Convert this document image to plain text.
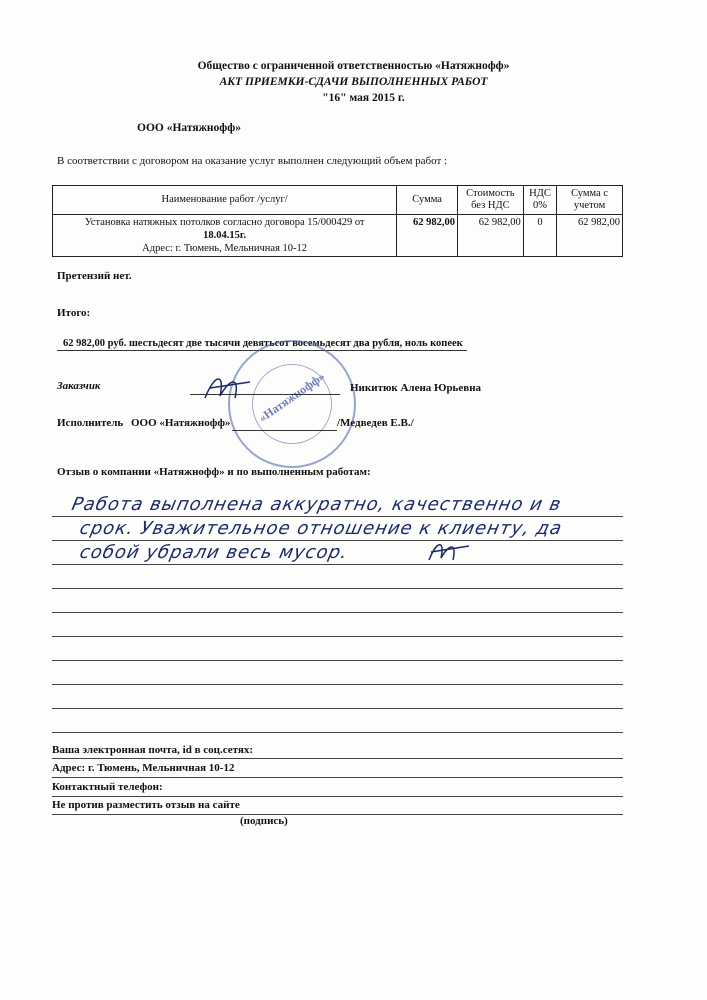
Общество с ограниченной ответственностью «Натяжнофф»
АКТ ПРИЕМКИ-СДАЧИ ВЫПОЛНЕННЫХ РАБОТ
"16" мая 2015 г.
ООО «Натяжнофф»
В соответствии с договором на оказание услуг выполнен следующий объем работ :
Наименование работ /услуг/	Сумма	Стоимость без НДС	НДС 0%	Сумма с учетом

Установка натяжных потолков согласно договора 15/000429 от
18.04.15г.
Адрес: г. Тюмень, Мельничная 10-12	62 982,00	62 982,00	0	62 982,00
Претензий нет.
Итого:
62 982,00 руб. шестьдесят две тысячи девятьсот восемьдесят два рубля, ноль копеек
«Натяжнофф»
Заказчик	Никитюк Алена Юрьевна
Исполнитель ООО «Натяжнофф»	/Медведев Е.В./
Отзыв о компании «Натяжнофф» и по выполненным работам:
Работа выполнена аккуратно, качественно и в
срок. Уважительное отношение к клиенту, да
собой убрали весь мусор.
Ваша электронная почта, id в соц.сетях:
Адрес: г. Тюмень, Мельничная 10-12
Контактный телефон:
Не против разместить отзыв на сайте
(подпись)
